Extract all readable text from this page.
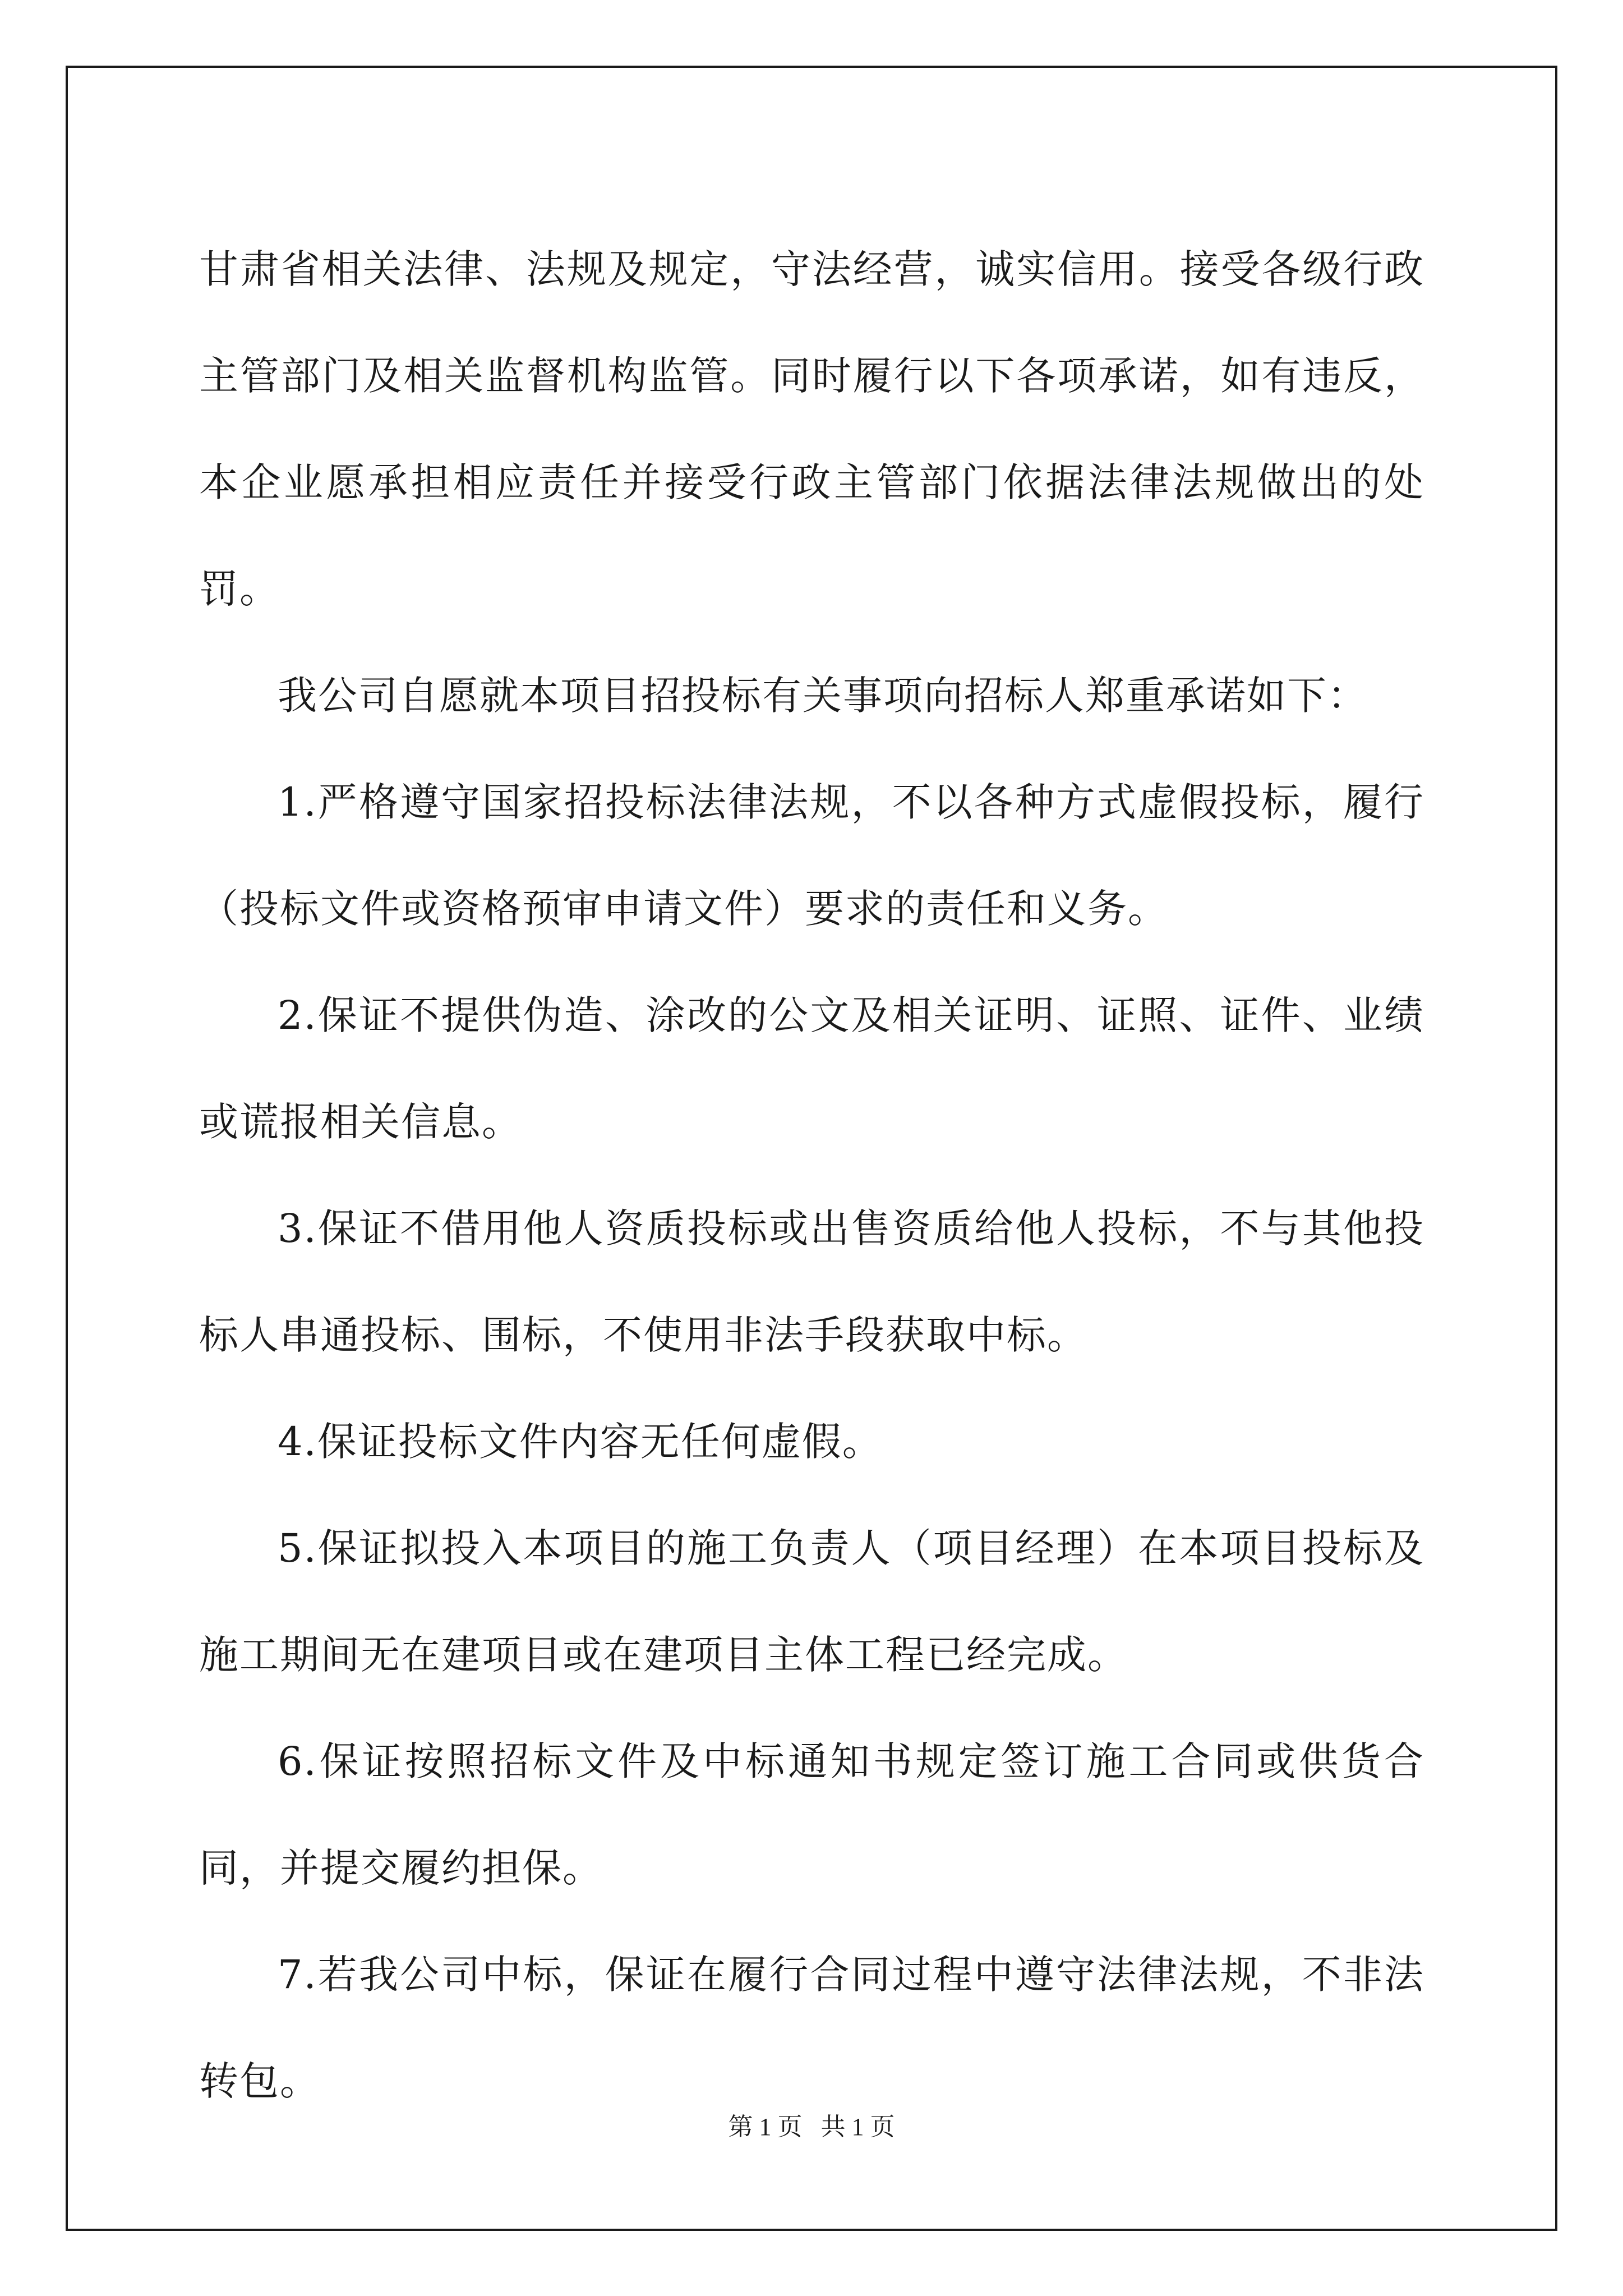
甘肃省相关法律、法规及规定，守法经营，诚实信用。接受各级行政主管部门及相关监督机构监管。同时履行以下各项承诺，如有违反，本企业愿承担相应责任并接受行政主管部门依据法律法规做出的处罚。

我公司自愿就本项目招投标有关事项向招标人郑重承诺如下：

1.严格遵守国家招投标法律法规，不以各种方式虚假投标，履行（投标文件或资格预审申请文件）要求的责任和义务。

2.保证不提供伪造、涂改的公文及相关证明、证照、证件、业绩或谎报相关信息。

3.保证不借用他人资质投标或出售资质给他人投标，不与其他投标人串通投标、围标，不使用非法手段获取中标。

4.保证投标文件内容无任何虚假。

5.保证拟投入本项目的施工负责人（项目经理）在本项目投标及施工期间无在建项目或在建项目主体工程已经完成。

6.保证按照招标文件及中标通知书规定签订施工合同或供货合同，并提交履约担保。

7.若我公司中标，保证在履行合同过程中遵守法律法规，不非法转包。

第 1 页 共 1 页
